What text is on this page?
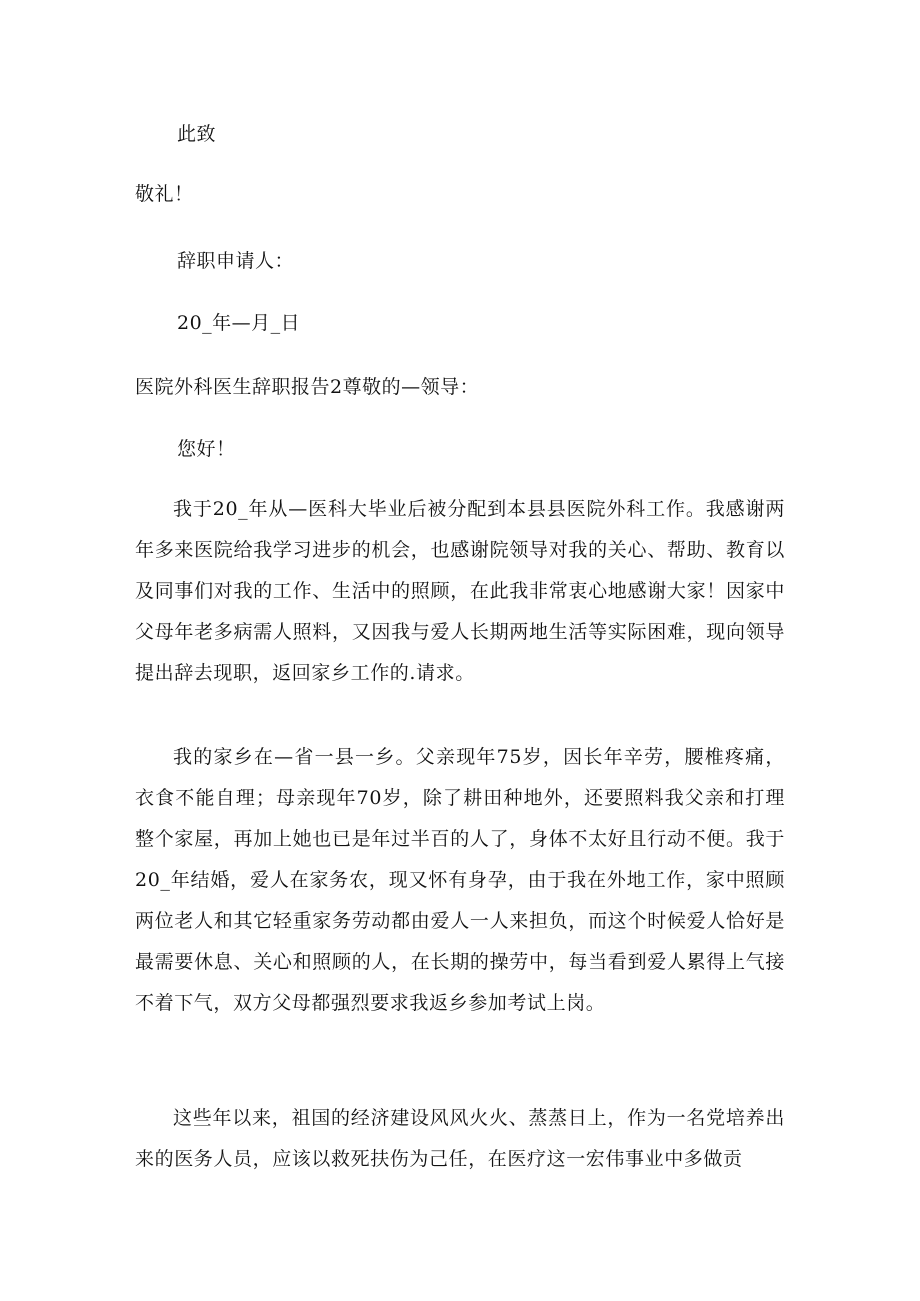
此致
敬礼！
辞职申请人：
20_年—月_日
医院外科医生辞职报告2尊敬的—领导：
您好！
我于20_年从—医科大毕业后被分配到本县县医院外科工作。我感谢两年多来医院给我学习进步的机会，也感谢院领导对我的关心、帮助、教育以及同事们对我的工作、生活中的照顾，在此我非常衷心地感谢大家！因家中父母年老多病需人照料，又因我与爱人长期两地生活等实际困难，现向领导提出辞去现职，返回家乡工作的.请求。
我的家乡在—省一县一乡。父亲现年75岁，因长年辛劳，腰椎疼痛，衣食不能自理；母亲现年70岁，除了耕田种地外，还要照料我父亲和打理整个家屋，再加上她也已是年过半百的人了，身体不太好且行动不便。我于20_年结婚，爱人在家务农，现又怀有身孕，由于我在外地工作，家中照顾两位老人和其它轻重家务劳动都由爱人一人来担负，而这个时候爱人恰好是最需要休息、关心和照顾的人，在长期的操劳中，每当看到爱人累得上气接不着下气，双方父母都强烈要求我返乡参加考试上岗。
这些年以来，祖国的经济建设风风火火、蒸蒸日上，作为一名党培养出来的医务人员，应该以救死扶伤为己任，在医疗这一宏伟事业中多做贡
